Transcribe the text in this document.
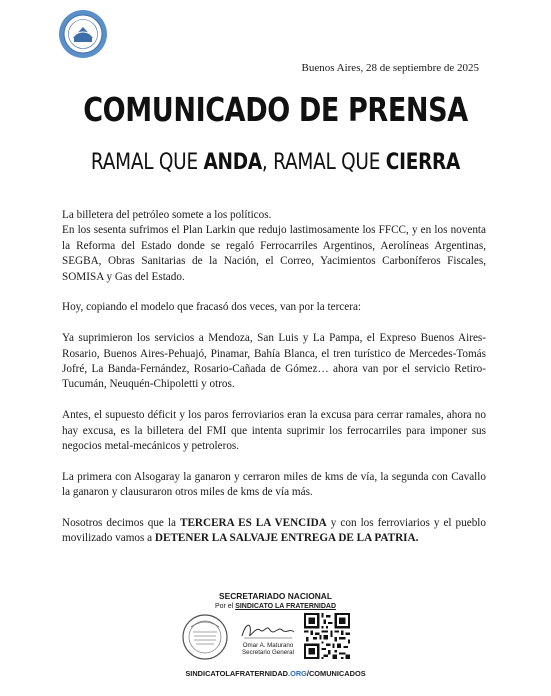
Buenos Aires, 28 de septiembre de 2025
COMUNICADO DE PRENSA
RAMAL QUE ANDA, RAMAL QUE CIERRA

La billetera del petróleo somete a los políticos.

En los sesenta sufrimos el Plan Larkin que redujo lastimosamente los FFCC, y en los noventa la Reforma del Estado donde se regaló Ferrocarriles Argentinos, Aerolíneas Argentinas, SEGBA, Obras Sanitarias de la Nación, el Correo, Yacimientos Carboníferos Fiscales, SOMISA y Gas del Estado.

Hoy, copiando el modelo que fracasó dos veces, van por la tercera:

Ya suprimieron los servicios a Mendoza, San Luis y La Pampa, el Expreso Buenos Aires-Rosario, Buenos Aires-Pehuajó, Pinamar, Bahía Blanca, el tren turístico de Mercedes-Tomás Jofré, La Banda-Fernández, Rosario-Cañada de Gómez… ahora van por el servicio Retiro-Tucumán, Neuquén-Chipoletti y otros.

Antes, el supuesto déficit y los paros ferroviarios eran la excusa para cerrar ramales, ahora no hay excusa, es la billetera del FMI que intenta suprimir los ferrocarriles para imponer sus negocios metal-mecánicos y petroleros.

La primera con Alsogaray la ganaron y cerraron miles de kms de vía, la segunda con Cavallo la ganaron y clausuraron otros miles de kms de vía más.

Nosotros decimos que la TERCERA ES LA VENCIDA y con los ferroviarios y el pueblo movilizado vamos a DETENER LA SALVAJE ENTREGA DE LA PATRIA.

SECRETARIADO NACIONAL
Por el SINDICATO LA FRATERNIDAD
Omar A. Maturano
Secretario General
SINDICATOLAFRATERNIDAD.ORG/COMUNICADOS
